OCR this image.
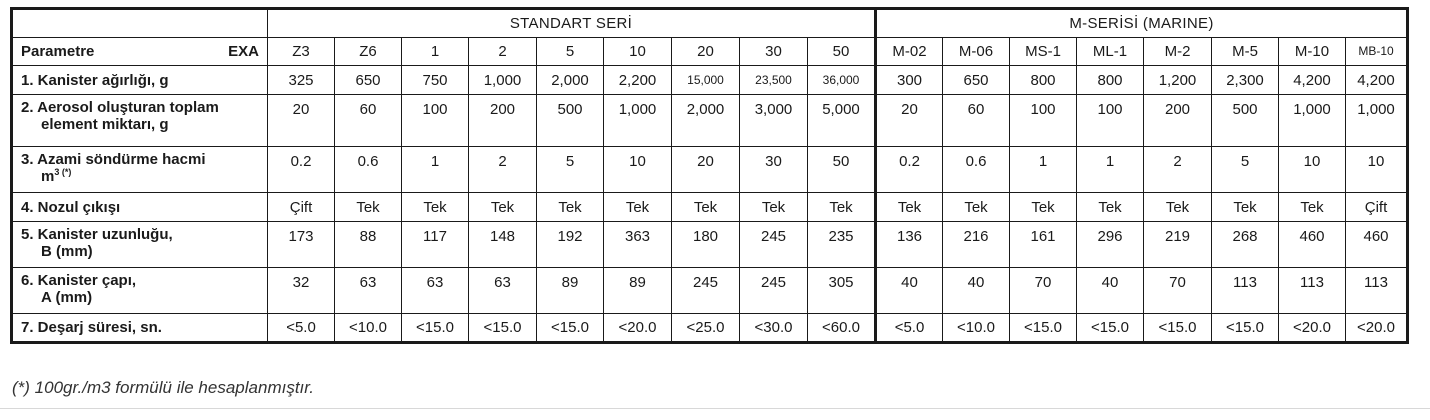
	STANDART SERİ									M-SERİSİ (MARINE)							

Parametre EXA	Z3	Z6	1	2	5	10	20	30	50	M-02	M-06	MS-1	ML-1	M-2	M-5	M-10	MB-10

1. Kanister ağırlığı, g	325	650	750	1,000	2,000	2,200	15,000	23,500	36,000	300	650	800	800	1,200	2,300	4,200	4,200

2. Aerosol oluşturan toplam
element miktarı, g	20	60	100	200	500	1,000	2,000	3,000	5,000	20	60	100	100	200	500	1,000	1,000

3. Azami söndürme hacmi
$m^{3 (*)}$	0.2	0.6	1	2	5	10	20	30	50	0.2	0.6	1	1	2	5	10	10

4. Nozul çıkışı	Çift	Tek	Tek	Tek	Tek	Tek	Tek	Tek	Tek	Tek	Tek	Tek	Tek	Tek	Tek	Tek	Çift

5. Kanister uzunluğu,
B (mm)	173	88	117	148	192	363	180	245	235	136	216	161	296	219	268	460	460

6. Kanister çapı,
A (mm)	32	63	63	63	89	89	245	245	305	40	40	70	40	70	113	113	113

7. Deşarj süresi, sn.	<5.0	<10.0	<15.0	<15.0	<15.0	<20.0	<25.0	<30.0	<60.0	<5.0	<10.0	<15.0	<15.0	<15.0	<15.0	<20.0	<20.0
(*) 100gr./m3 formülü ile hesaplanmıştır.
